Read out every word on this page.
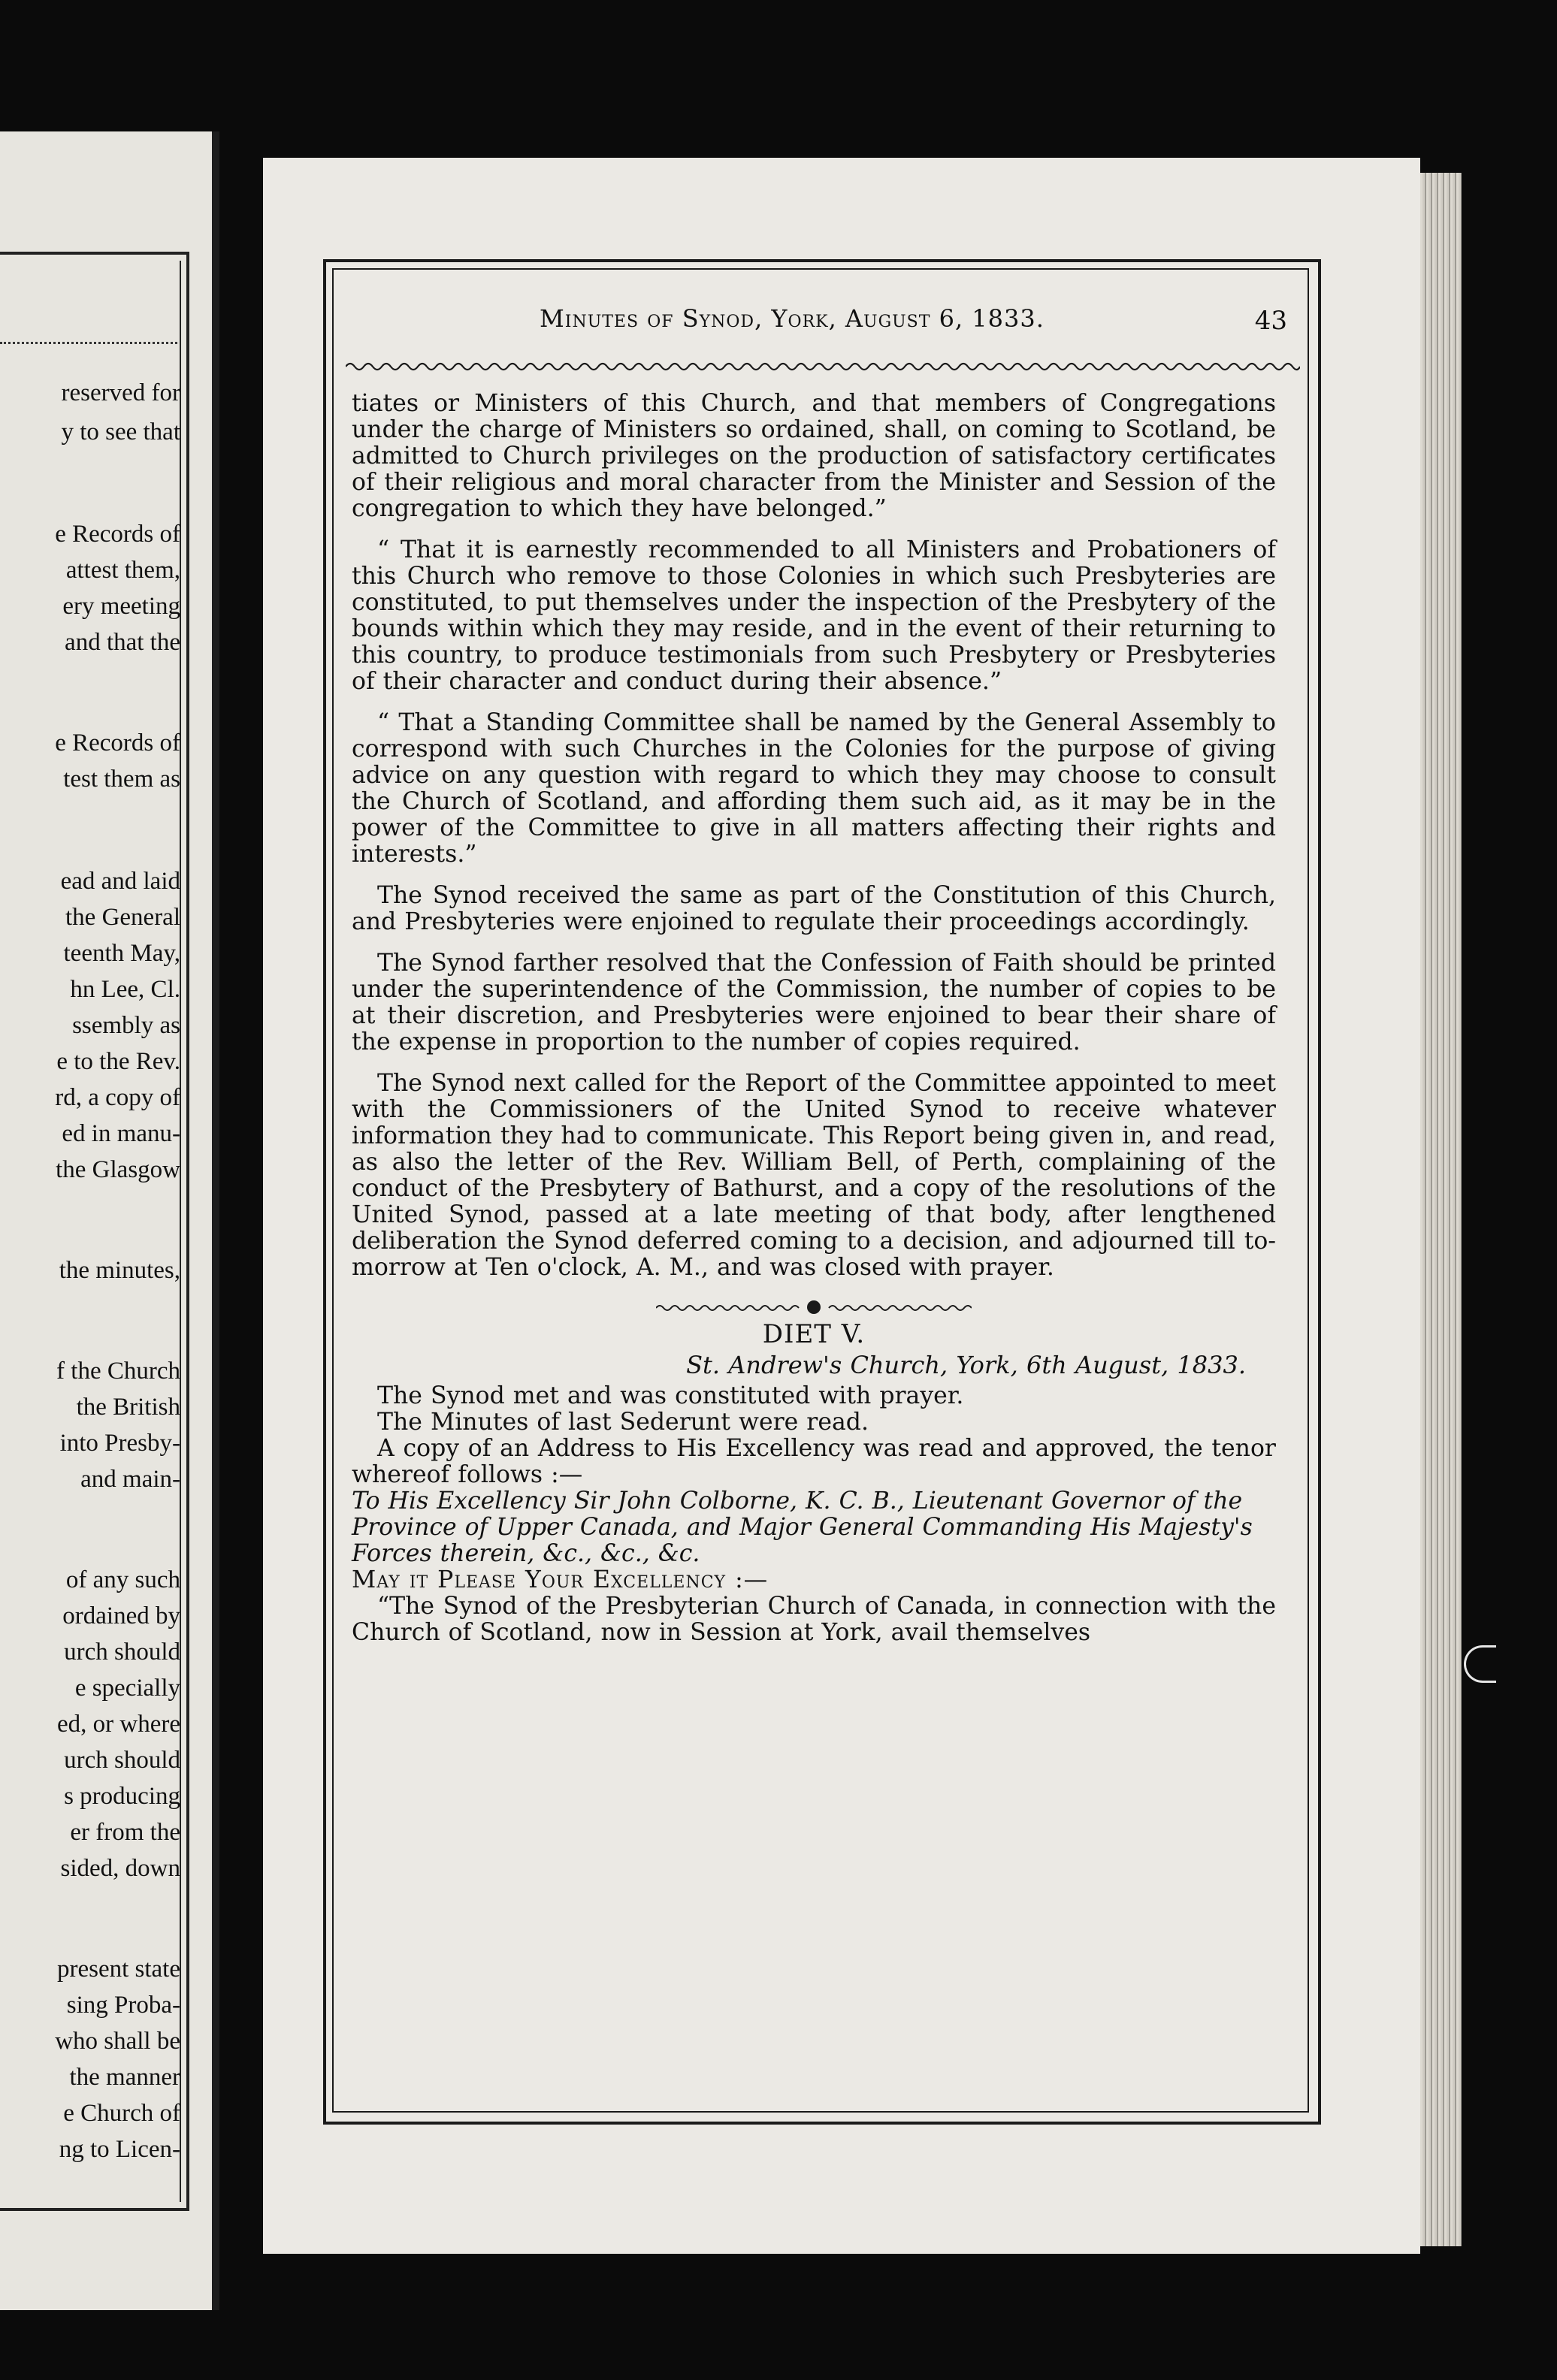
reserved for
y to see that
e Records of
attest them,
ery meeting
and that the
e Records of
test them as
ead and laid
the General
teenth May,
hn Lee, Cl.
ssembly as
e to the Rev.
rd, a copy of
ed in manu-
the Glasgow
the minutes,
f the Church
the British
into Presby-
and main-
of any such
ordained by
urch should
e specially
ed, or where
urch should
s producing
er from the
sided, down
present state
sing Proba-
who shall be
the manner
e Church of
ng to Licen-
Minutes of Synod, York, August 6, 1833.	43

tiates or Ministers of this Church, and that members of Congregations under the charge of Ministers so ordained, shall, on coming to Scotland, be admitted to Church privileges on the production of satisfactory certificates of their religious and moral character from the Minister and Session of the congregation to which they have belonged.”

“ That it is earnestly recommended to all Ministers and Probationers of this Church who remove to those Colonies in which such Presbyteries are constituted, to put themselves under the inspection of the Presbytery of the bounds within which they may reside, and in the event of their returning to this country, to produce testimonials from such Presbytery or Presbyteries of their character and conduct during their absence.”

“ That a Standing Committee shall be named by the General Assembly to correspond with such Churches in the Colonies for the purpose of giving advice on any question with regard to which they may choose to consult the Church of Scotland, and affording them such aid, as it may be in the power of the Committee to give in all matters affecting their rights and interests.”

The Synod received the same as part of the Constitution of this Church, and Presbyteries were enjoined to regulate their proceedings accordingly.

The Synod farther resolved that the Confession of Faith should be printed under the superintendence of the Commission, the number of copies to be at their discretion, and Presbyteries were enjoined to bear their share of the expense in proportion to the number of copies required.

The Synod next called for the Report of the Committee appointed to meet with the Commissioners of the United Synod to receive whatever information they had to communicate. This Report being given in, and read, as also the letter of the Rev. William Bell, of Perth, complaining of the conduct of the Presbytery of Bathurst, and a copy of the resolutions of the United Synod, passed at a late meeting of that body, after lengthened deliberation the Synod deferred coming to a decision, and adjourned till to-morrow at Ten o'clock, A. M., and was closed with prayer.

DIET V.
St. Andrew's Church, York, 6th August, 1833.

The Synod met and was constituted with prayer.

The Minutes of last Sederunt were read.

A copy of an Address to His Excellency was read and approved, the tenor whereof follows :—

To His Excellency Sir John Colborne, K. C. B., Lieutenant Governor of the Province of Upper Canada, and Major General Commanding His Majesty's Forces therein, &c., &c., &c.

May it Please Your Excellency :—

“The Synod of the Presbyterian Church of Canada, in connection with the Church of Scotland, now in Session at York, avail themselves
